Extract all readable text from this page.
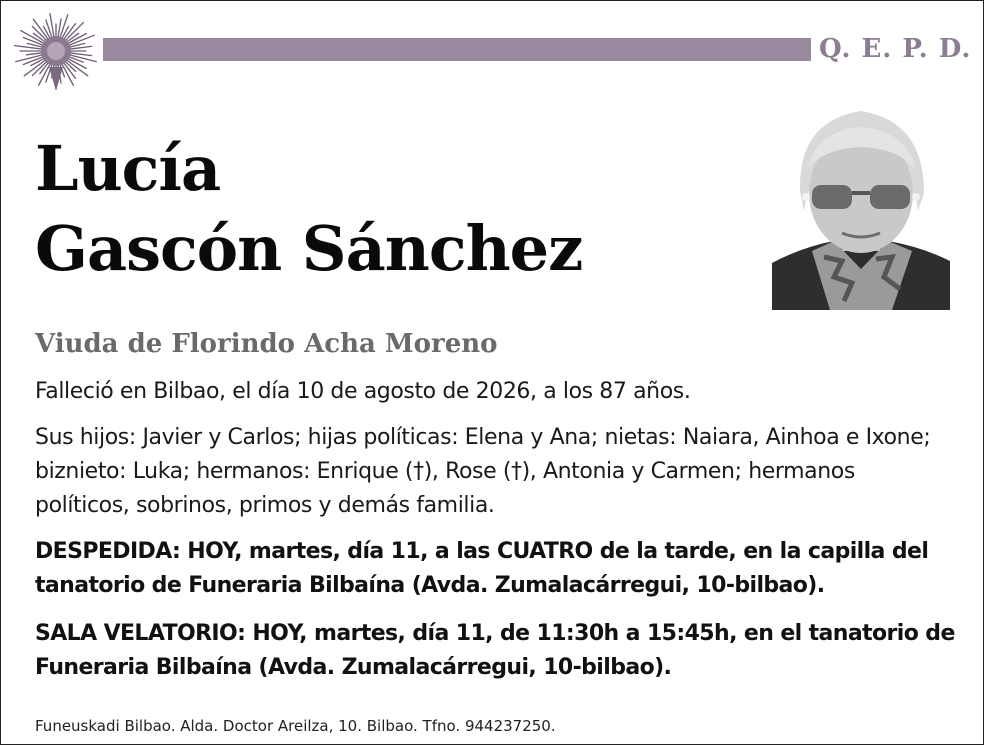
Q. E. P. D.
Lucía
Gascón Sánchez
Viuda de Florindo Acha Moreno
Falleció en Bilbao, el día 10 de agosto de 2026, a los 87 años.
Sus hijos: Javier y Carlos; hijas políticas: Elena y Ana; nietas: Naiara, Ainhoa e Ixone; biznieto: Luka; hermanos: Enrique (†), Rose (†), Antonia y Carmen; hermanos políticos, sobrinos, primos y demás familia.
DESPEDIDA: HOY, martes, día 11, a las CUATRO de la tarde, en la capilla del tanatorio de Funeraria Bilbaína (Avda. Zumalacárregui, 10-bilbao).
SALA VELATORIO: HOY, martes, día 11, de 11:30h a 15:45h, en el tanatorio de Funeraria Bilbaína (Avda. Zumalacárregui, 10-bilbao).
Funeuskadi Bilbao. Alda. Doctor Areilza, 10. Bilbao. Tfno. 944237250.
